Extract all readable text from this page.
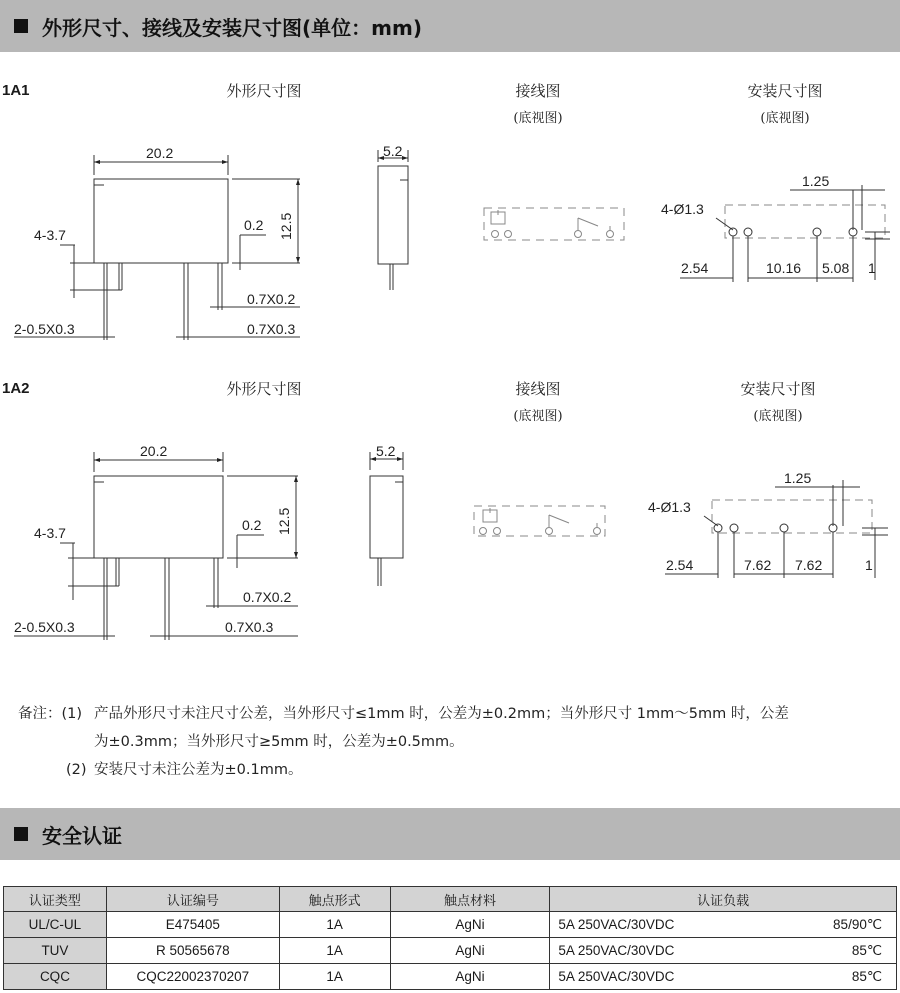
外形尺寸、接线及安装尺寸图(单位：mm)
1A1	外形尺寸图	接线图
(底视图)
安装尺寸图
(底视图)
20.2	5.2
12.5
4-3.7
0.2
0.7X0.2
0.7X0.3
2-0.5X0.3
4-Ø1.3
1.25
2.54	10.16 5.08 1
1A2	外形尺寸图	接线图
(底视图)
安装尺寸图
(底视图)
20.2	5.2
12.5
4-3.7	0.2
0.7X0.2
0.7X0.3
2-0.5X0.3
4-Ø1.3
1.25
2.54	7.62 7.62	1
备注：(1) 产品外形尺寸未注尺寸公差，当外形尺寸≤1mm 时，公差为±0.2mm；当外形尺寸 1mm～5mm 时，公差
为±0.3mm；当外形尺寸≥5mm 时，公差为±0.5mm。
(2) 安装尺寸未注公差为±0.1mm。
安全认证
认证类型	认证编号	触点形式	触点材料	认证负载
UL/C-UL	E475405	1A	AgNi	5A 250VAC/30VDC 85/90℃

TUV	R 50565678	1A	AgNi	5A 250VAC/30VDC 85℃

CQC	CQC22002370207	1A	AgNi	5A 250VAC/30VDC 85℃
